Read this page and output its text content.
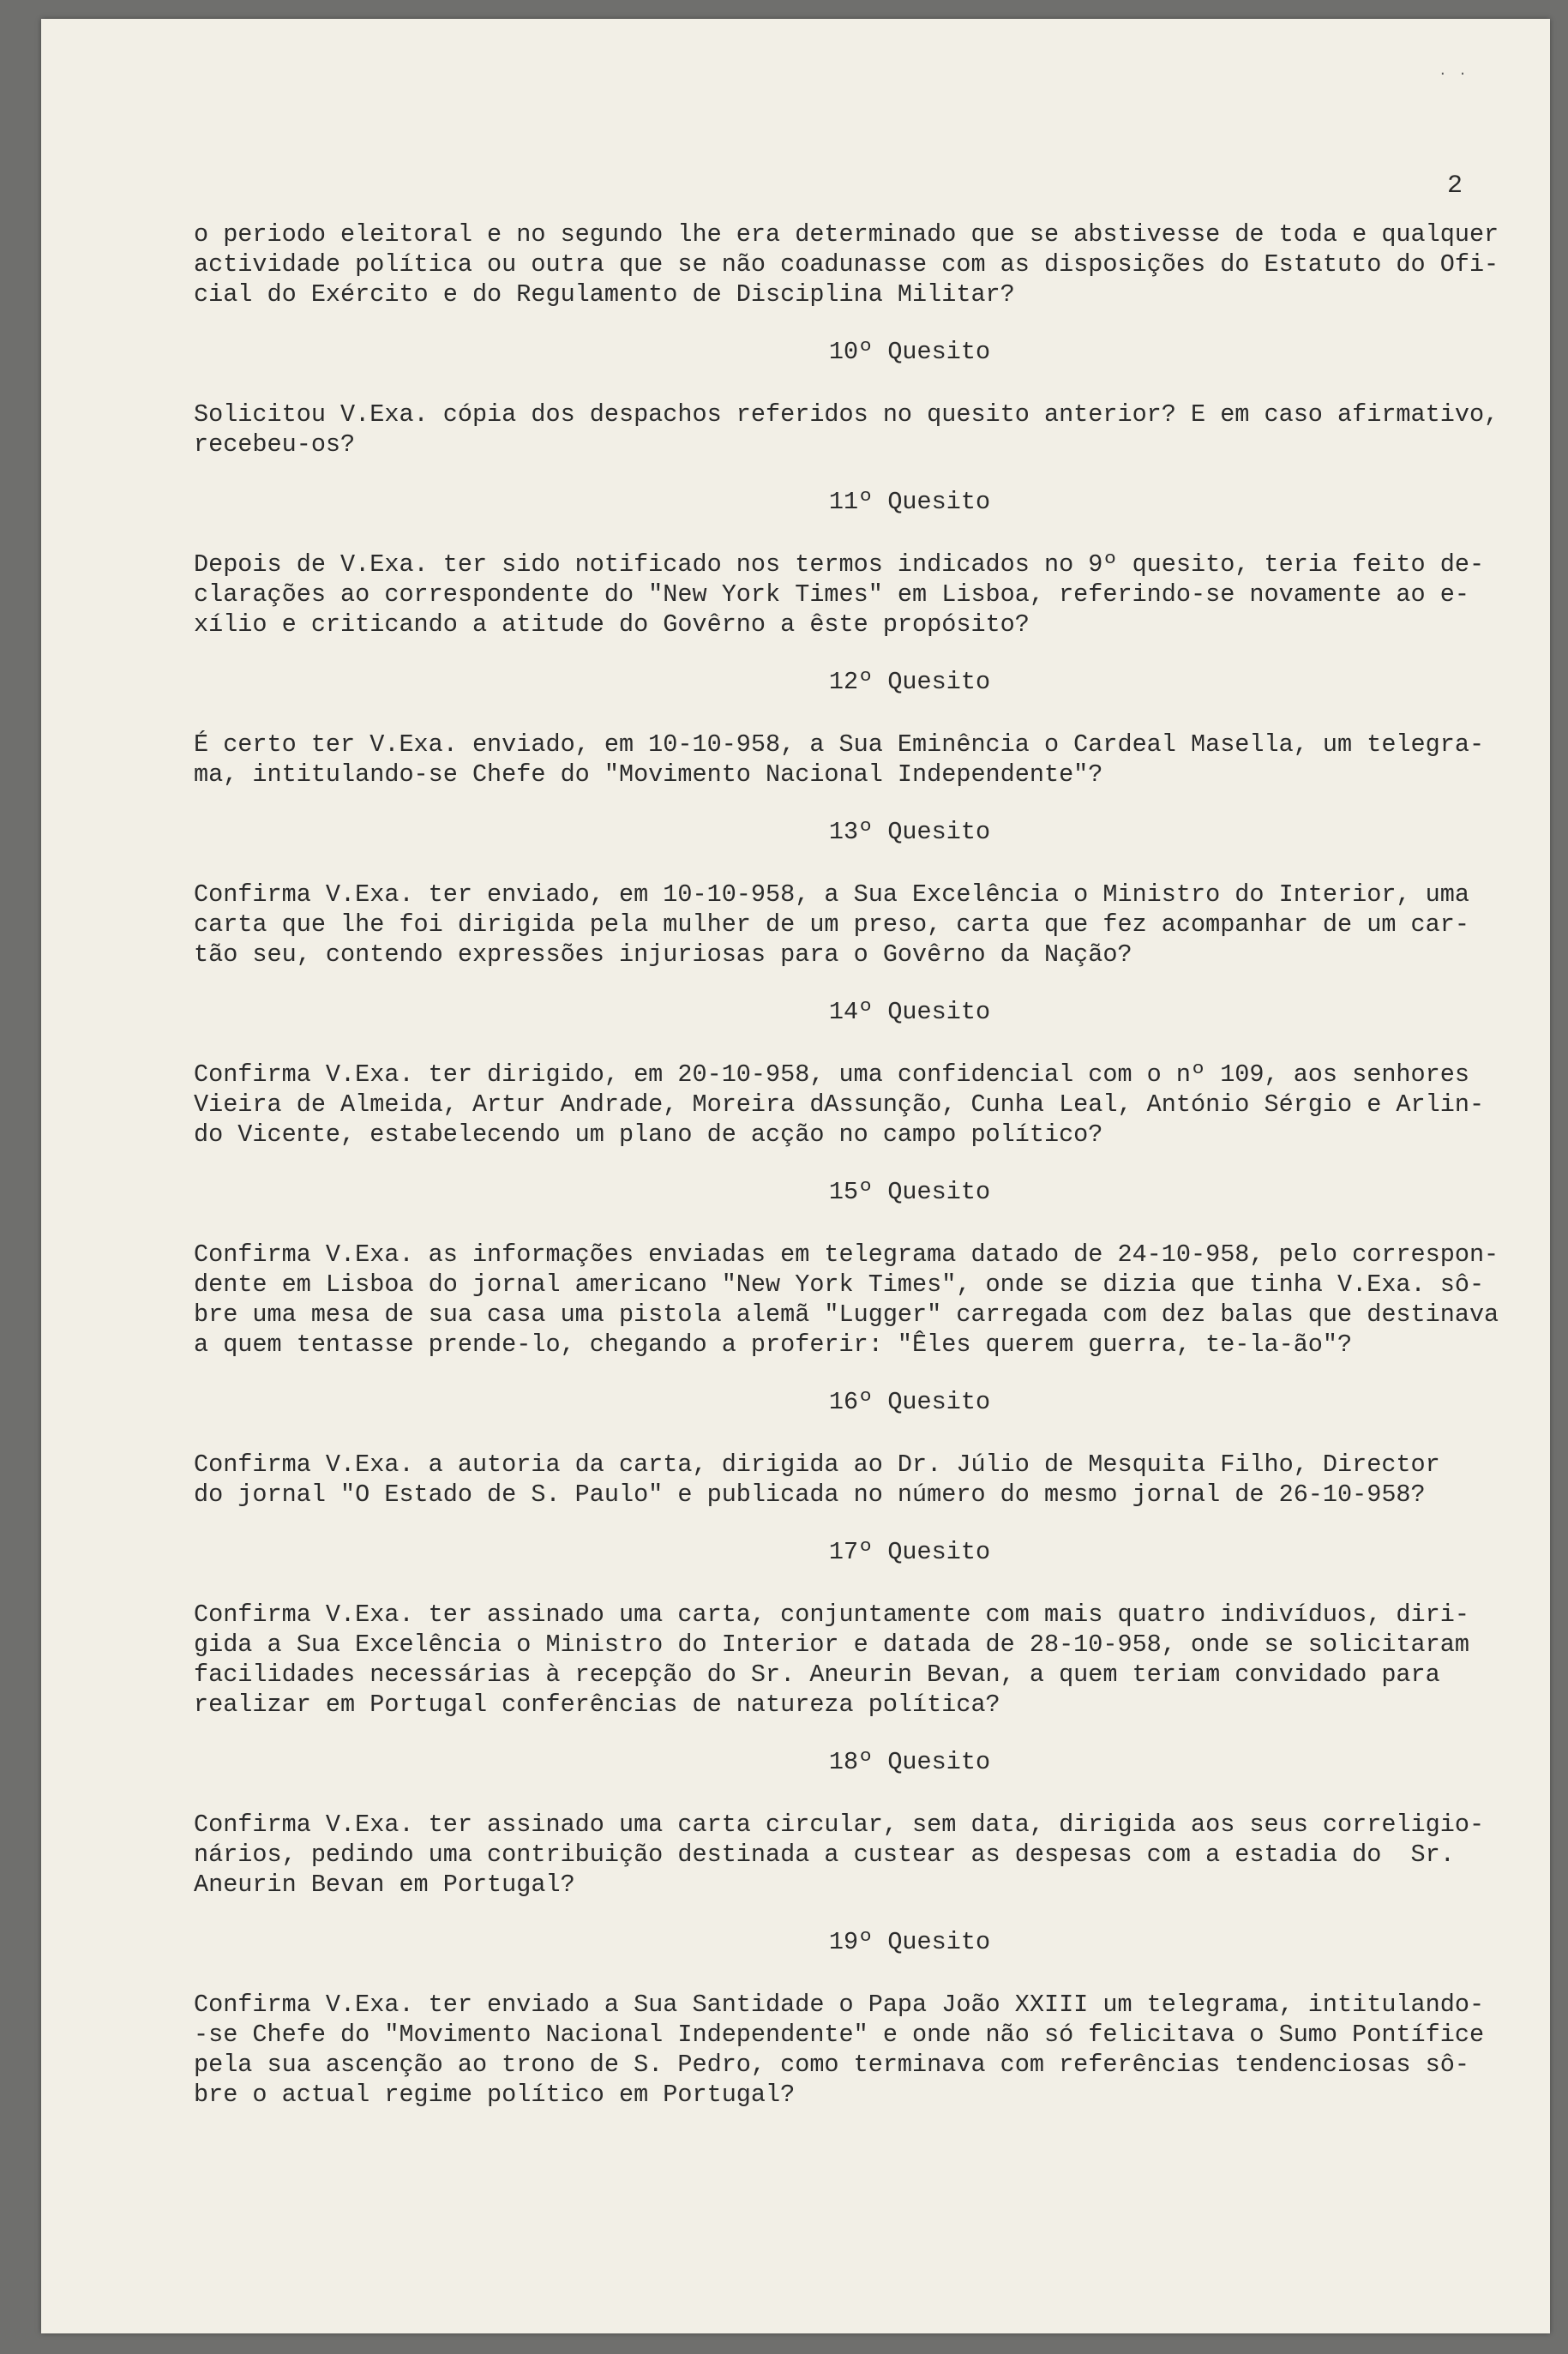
2

o periodo eleitoral e no segundo lhe era determinado que se abstivesse de toda e qualquer

actividade política ou outra que se não coadunasse com as disposições do Estatuto do Ofi-

cial do Exército e do Regulamento de Disciplina Militar?

10º Quesito

Solicitou V.Exa. cópia dos despachos referidos no quesito anterior? E em caso afirmativo,

recebeu-os?

11º Quesito

Depois de V.Exa. ter sido notificado nos termos indicados no 9º quesito, teria feito de-

clarações ao correspondente do "New York Times" em Lisboa, referindo-se novamente ao e-

xílio e criticando a atitude do Govêrno a êste propósito?

12º Quesito

É certo ter V.Exa. enviado, em 10-10-958, a Sua Eminência o Cardeal Masella, um telegra-

ma, intitulando-se Chefe do "Movimento Nacional Independente"?

13º Quesito

Confirma V.Exa. ter enviado, em 10-10-958, a Sua Excelência o Ministro do Interior, uma

carta que lhe foi dirigida pela mulher de um preso, carta que fez acompanhar de um car-

tão seu, contendo expressões injuriosas para o Govêrno da Nação?

14º Quesito

Confirma V.Exa. ter dirigido, em 20-10-958, uma confidencial com o nº 109, aos senhores

Vieira de Almeida, Artur Andrade, Moreira dAssunção, Cunha Leal, António Sérgio e Arlin-

do Vicente, estabelecendo um plano de acção no campo político?

15º Quesito

Confirma V.Exa. as informações enviadas em telegrama datado de 24-10-958, pelo correspon-

dente em Lisboa do jornal americano "New York Times", onde se dizia que tinha V.Exa. sô-

bre uma mesa de sua casa uma pistola alemã "Lugger" carregada com dez balas que destinava

a quem tentasse prende-lo, chegando a proferir: "Êles querem guerra, te-la-ão"?

16º Quesito

Confirma V.Exa. a autoria da carta, dirigida ao Dr. Júlio de Mesquita Filho, Director

do jornal "O Estado de S. Paulo" e publicada no número do mesmo jornal de 26-10-958?

17º Quesito

Confirma V.Exa. ter assinado uma carta, conjuntamente com mais quatro indivíduos, diri-

gida a Sua Excelência o Ministro do Interior e datada de 28-10-958, onde se solicitaram

facilidades necessárias à recepção do Sr. Aneurin Bevan, a quem teriam convidado para

realizar em Portugal conferências de natureza política?

18º Quesito

Confirma V.Exa. ter assinado uma carta circular, sem data, dirigida aos seus correligio-

nários, pedindo uma contribuição destinada a custear as despesas com a estadia do  Sr.

Aneurin Bevan em Portugal?

19º Quesito

Confirma V.Exa. ter enviado a Sua Santidade o Papa João XXIII um telegrama, intitulando-

-se Chefe do "Movimento Nacional Independente" e onde não só felicitava o Sumo Pontífice

pela sua ascenção ao trono de S. Pedro, como terminava com referências tendenciosas sô-

bre o actual regime político em Portugal?

· ·
